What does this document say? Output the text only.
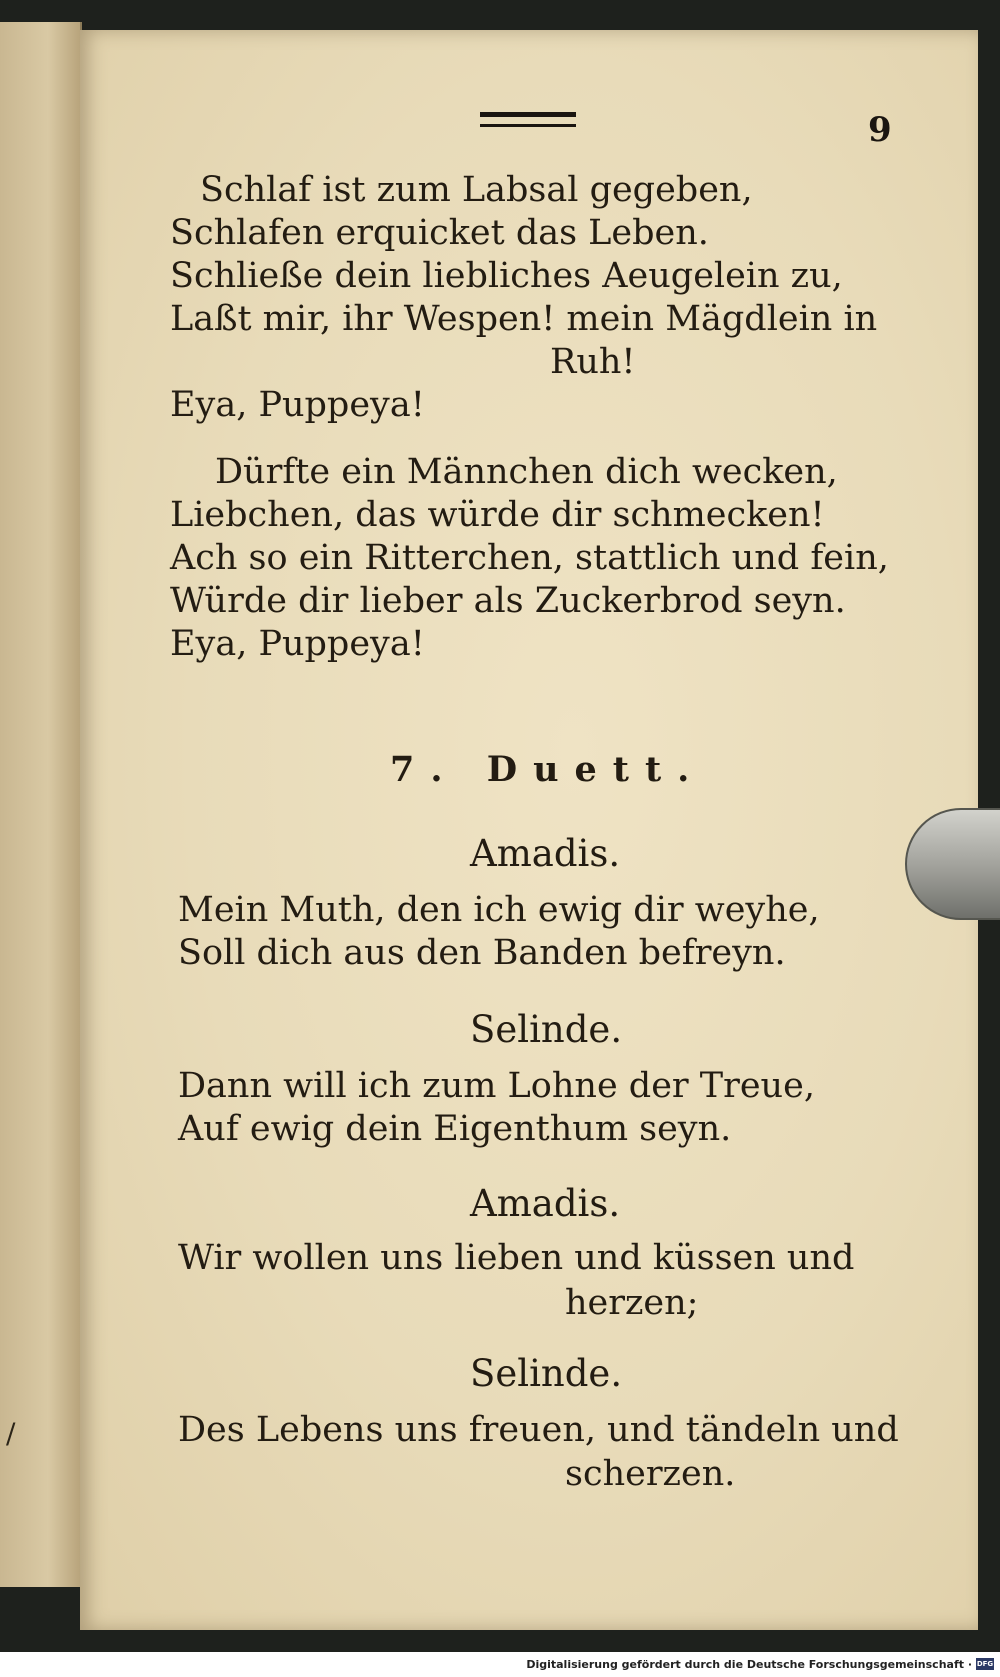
/
9
Schlaf ist zum Labsal gegeben,
Schlafen erquicket das Leben.
Schließe dein liebliches Aeugelein zu,
Laßt mir, ihr Wespen! mein Mägdlein in
Ruh!
Eya, Puppeya!
Dürfte ein Männchen dich wecken,
Liebchen, das würde dir schmecken!
Ach so ein Ritterchen, stattlich und fein,
Würde dir lieber als Zuckerbrod seyn.
Eya, Puppeya!
7. Duett.
Amadis.
Mein Muth, den ich ewig dir weyhe,
Soll dich aus den Banden befreyn.
Selinde.
Dann will ich zum Lohne der Treue,
Auf ewig dein Eigenthum seyn.
Amadis.
Wir wollen uns lieben und küssen und
herzen;
Selinde.
Des Lebens uns freuen, und tändeln und
scherzen.
Digitalisierung gefördert durch die Deutsche Forschungsgemeinschaft · DFG
